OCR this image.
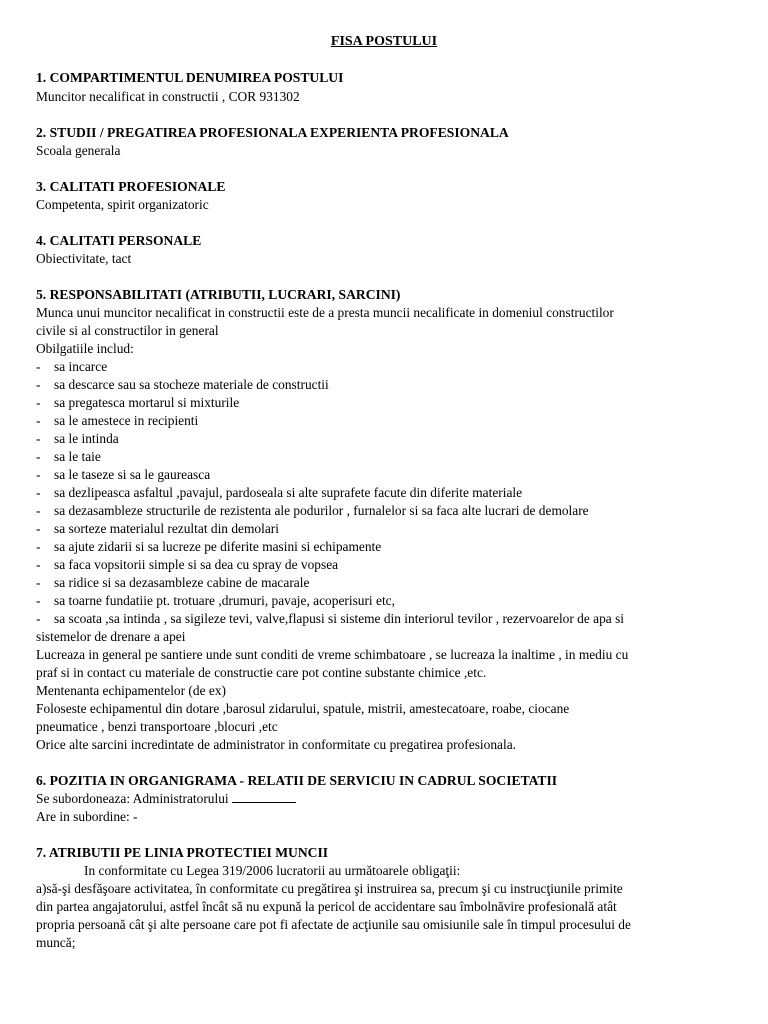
FISA POSTULUI
1. COMPARTIMENTUL DENUMIREA POSTULUI
Muncitor necalificat in constructii , COR 931302
2. STUDII / PREGATIREA PROFESIONALA EXPERIENTA PROFESIONALA
Scoala generala
3. CALITATI PROFESIONALE
Competenta, spirit organizatoric
4. CALITATI PERSONALE
Obiectivitate, tact
5. RESPONSABILITATI (ATRIBUTII, LUCRARI, SARCINI)
Munca unui muncitor necalificat in constructii este de a presta muncii necalificate in domeniul constructilor
civile si al constructilor in general
Obilgatiile includ:
- sa incarce
- sa descarce sau sa stocheze materiale de constructii
- sa pregatesca mortarul si mixturile
- sa le amestece in recipienti
- sa le intinda
- sa le taie
- sa le taseze si sa le gaureasca
- sa dezlipeasca asfaltul ,pavajul, pardoseala si alte suprafete facute din diferite materiale
- sa dezasambleze structurile de rezistenta ale podurilor , furnalelor si sa faca alte lucrari de demolare
- sa sorteze materialul rezultat din demolari
- sa ajute zidarii si sa lucreze pe diferite masini si echipamente
- sa faca vopsitorii simple si sa dea cu spray de vopsea
- sa ridice si sa dezasambleze cabine de macarale
- sa toarne fundatiie pt. trotuare ,drumuri, pavaje, acoperisuri etc,
- sa scoata ,sa intinda , sa sigileze tevi, valve,flapusi si sisteme din interiorul tevilor , rezervoarelor de apa si
sistemelor de drenare a apei
Lucreaza in general pe santiere unde sunt conditi de vreme schimbatoare , se lucreaza la inaltime , in mediu cu
praf si in contact cu materiale de constructie care pot contine substante chimice ,etc.
Mentenanta echipamentelor (de ex)
Foloseste echipamentul din dotare ,barosul zidarului, spatule, mistrii, amestecatoare, roabe, ciocane
pneumatice , benzi transportoare ,blocuri ,etc
Orice alte sarcini incredintate de administrator in conformitate cu pregatirea profesionala.
6. POZITIA IN ORGANIGRAMA - RELATII DE SERVICIU IN CADRUL SOCIETATII
Se subordoneaza: Administratorului
Are in subordine: -
7. ATRIBUTII PE LINIA PROTECTIEI MUNCII
In conformitate cu Legea 319/2006 lucratorii au următoarele obligaţii:
a)să-şi desfăşoare activitatea, în conformitate cu pregătirea şi instruirea sa, precum şi cu instrucţiunile primite
din partea angajatorului, astfel încât să nu expună la pericol de accidentare sau îmbolnăvire profesională atât
propria persoană cât şi alte persoane care pot fi afectate de acţiunile sau omisiunile sale în timpul procesului de
muncă;
